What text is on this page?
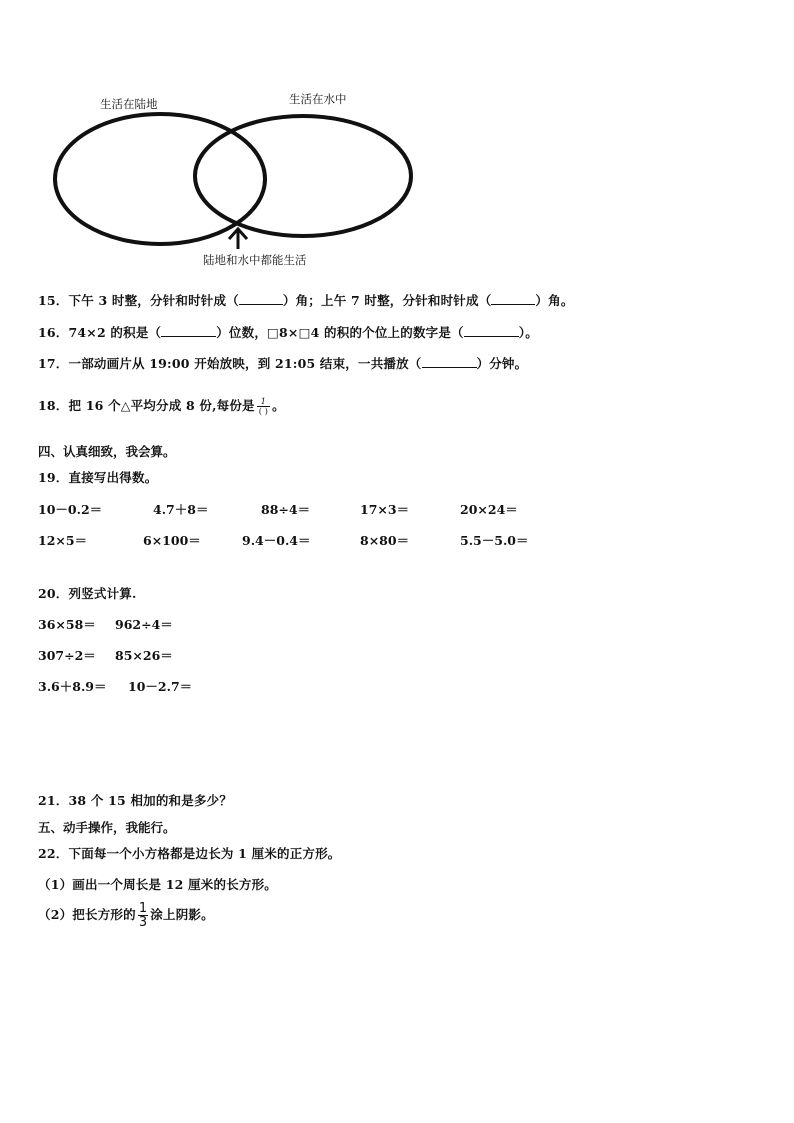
生活在陆地	生活在水中
陆地和水中都能生活
15．下午 3 时整，分针和时针成（	）角；上午 7 时整，分针和时针成（	）角。
16．74×2 的积是（	）位数，□8×□4 的积的个位上的数字是（	）。
17．一部动画片从 19:00 开始放映，到 21:05 结束，一共播放（	）分钟。
18．把 16 个△平均分成 8 份,每份是 $\frac{1}{( )}$ 。
四、认真细致，我会算。
19．直接写出得数。
10－0.2＝	4.7＋8＝	88÷4＝	17×3＝	20×24＝
12×5＝	6×100＝	9.4－0.4＝	8×80＝	5.5－5.0＝
20．列竖式计算.
36×58＝ 962÷4＝
307÷2＝ 85×26＝
3.6＋8.9＝ 10－2.7＝
21．38 个 15 相加的和是多少？
五、动手操作，我能行。
22．下面每一个小方格都是边长为 1 厘米的正方形。
（1）画出一个周长是 12 厘米的长方形。
（2）把长方形的 $\frac{1}{3}$ 涂上阴影。
